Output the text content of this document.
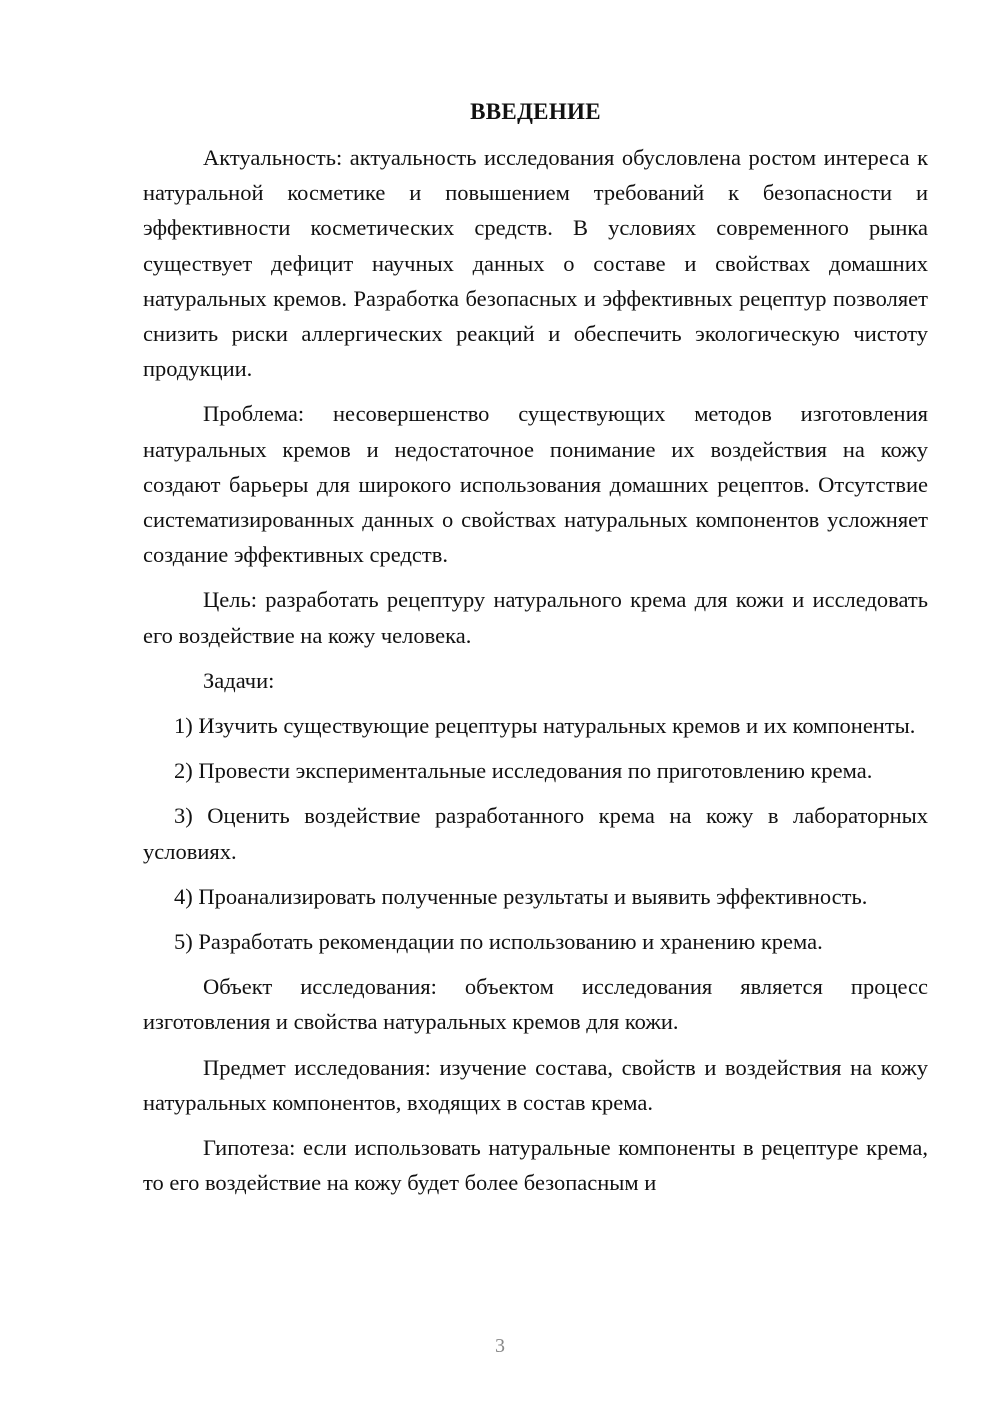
ВВЕДЕНИЕ

Актуальность: актуальность исследования обусловлена ростом интереса к натуральной косметике и повышением требований к безопасности и эффективности косметических средств. В условиях современного рынка существует дефицит научных данных о составе и свойствах домашних натуральных кремов. Разработка безопасных и эффективных рецептур позволяет снизить риски аллергических реакций и обеспечить экологическую чистоту продукции.

Проблема: несовершенство существующих методов изготовления натуральных кремов и недостаточное понимание их воздействия на кожу создают барьеры для широкого использования домашних рецептов. Отсутствие систематизированных данных о свойствах натуральных компонентов усложняет создание эффективных средств.

Цель: разработать рецептуру натурального крема для кожи и исследовать его воздействие на кожу человека.

Задачи:

1) Изучить существующие рецептуры натуральных кремов и их компоненты.

2) Провести экспериментальные исследования по приготовлению крема.

3) Оценить воздействие разработанного крема на кожу в лабораторных условиях.

4) Проанализировать полученные результаты и выявить эффективность.

5) Разработать рекомендации по использованию и хранению крема.

Объект исследования: объектом исследования является процесс изготовления и свойства натуральных кремов для кожи.

Предмет исследования: изучение состава, свойств и воздействия на кожу натуральных компонентов, входящих в состав крема.

Гипотеза: если использовать натуральные компоненты в рецептуре крема, то его воздействие на кожу будет более безопасным и

3
